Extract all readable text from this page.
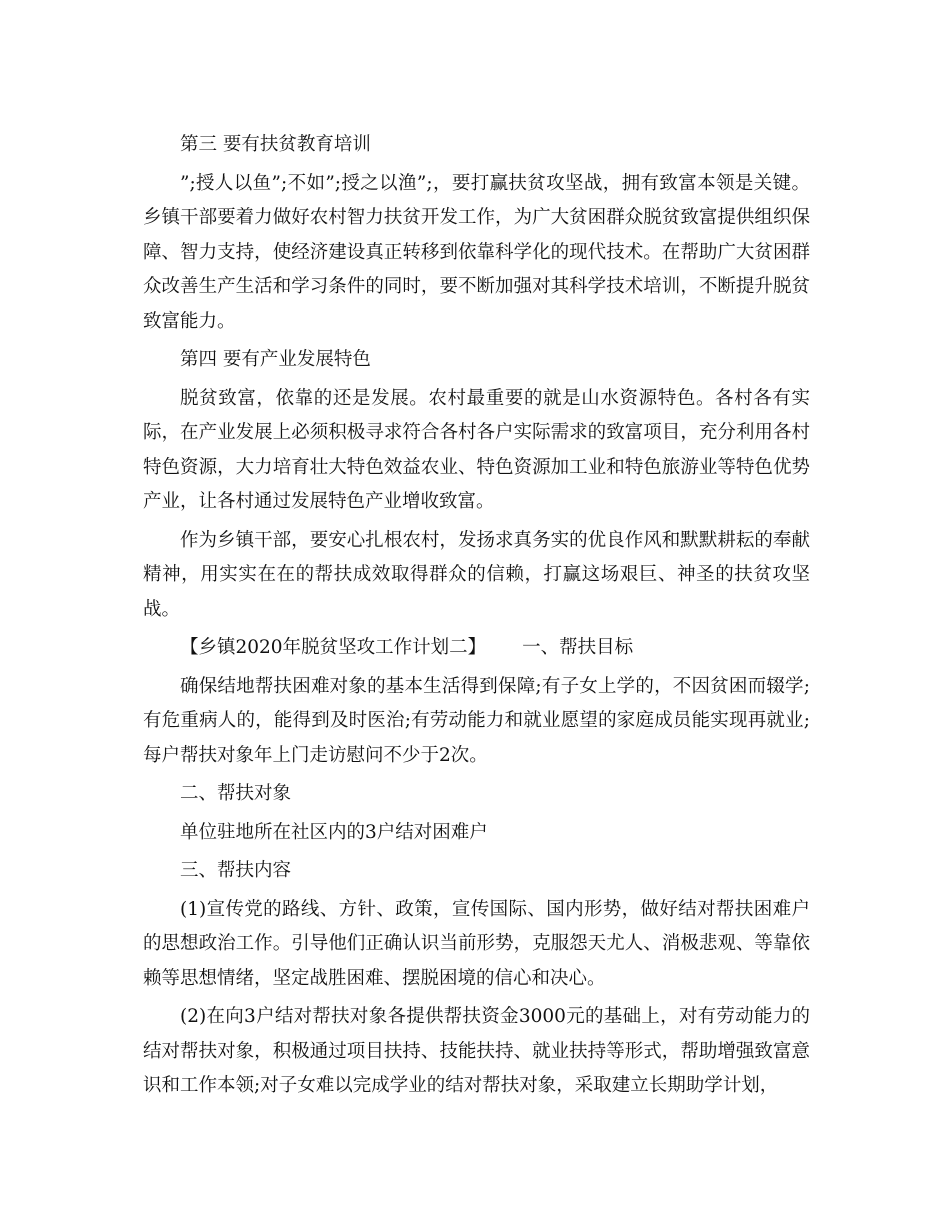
第三 要有扶贫教育培训

”;授人以鱼”;不如”;授之以渔”;，要打赢扶贫攻坚战，拥有致富本领是关键。乡镇干部要着力做好农村智力扶贫开发工作，为广大贫困群众脱贫致富提供组织保障、智力支持，使经济建设真正转移到依靠科学化的现代技术。在帮助广大贫困群众改善生产生活和学习条件的同时，要不断加强对其科学技术培训，不断提升脱贫致富能力。

第四 要有产业发展特色

脱贫致富，依靠的还是发展。农村最重要的就是山水资源特色。各村各有实际，在产业发展上必须积极寻求符合各村各户实际需求的致富项目，充分利用各村特色资源，大力培育壮大特色效益农业、特色资源加工业和特色旅游业等特色优势产业，让各村通过发展特色产业增收致富。

作为乡镇干部，要安心扎根农村，发扬求真务实的优良作风和默默耕耘的奉献精神，用实实在在的帮扶成效取得群众的信赖，打赢这场艰巨、神圣的扶贫攻坚战。

【乡镇2020年脱贫坚攻工作计划二】 一、帮扶目标

确保结地帮扶困难对象的基本生活得到保障;有子女上学的，不因贫困而辍学;有危重病人的，能得到及时医治;有劳动能力和就业愿望的家庭成员能实现再就业;每户帮扶对象年上门走访慰问不少于2次。

二、帮扶对象

单位驻地所在社区内的3户结对困难户

三、帮扶内容

(1)宣传党的路线、方针、政策，宣传国际、国内形势，做好结对帮扶困难户的思想政治工作。引导他们正确认识当前形势，克服怨天尤人、消极悲观、等靠依赖等思想情绪，坚定战胜困难、摆脱困境的信心和决心。

(2)在向3户结对帮扶对象各提供帮扶资金3000元的基础上，对有劳动能力的结对帮扶对象，积极通过项目扶持、技能扶持、就业扶持等形式，帮助增强致富意识和工作本领;对子女难以完成学业的结对帮扶对象，采取建立长期助学计划，
